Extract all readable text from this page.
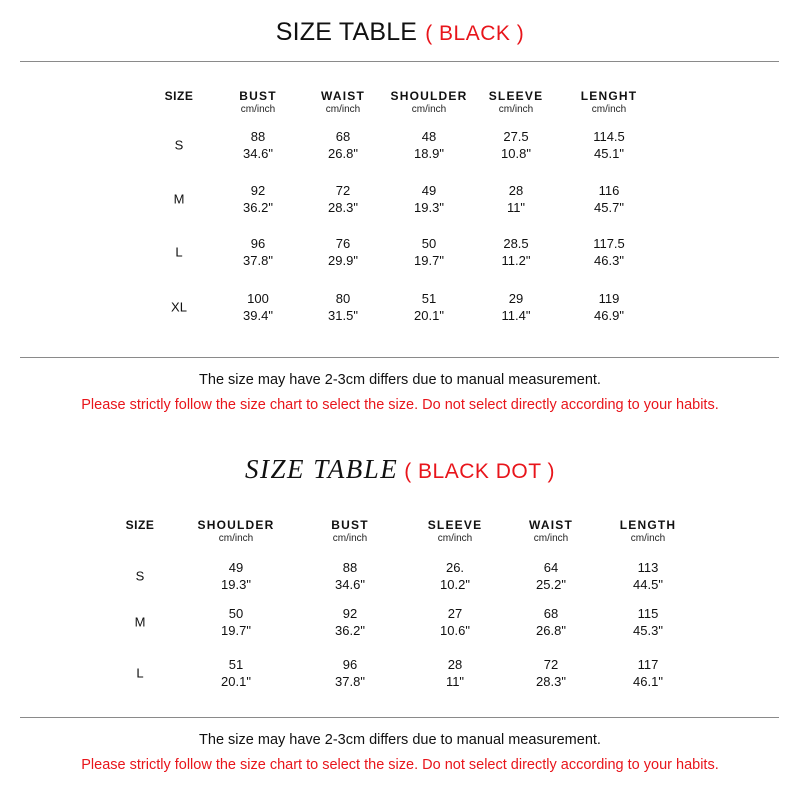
SIZE TABLE ( BLACK )
SIZE	BUST
cm/inch
WAIST
cm/inch
SHOULDER
cm/inch
SLEEVE
cm/inch
LENGHT
cm/inch
S
88
34.6"
68
26.8"
48
18.9"
27.5
10.8"
114.5
45.1"
M
92
36.2"
72
28.3"
49
19.3"
28
11"
116
45.7"
L
96
37.8"
76
29.9"
50
19.7"
28.5
11.2"
117.5
46.3"
XL
100
39.4"
80
31.5"
51
20.1"
29
11.4"
119
46.9"
The size may have 2-3cm differs due to manual measurement.
Please strictly follow the size chart to select the size. Do not select directly according to your habits.
SIZE TABLE ( BLACK DOT )
SIZE	SHOULDER
cm/inch
BUST
cm/inch
SLEEVE
cm/inch
WAIST
cm/inch
LENGTH
cm/inch
S
49
19.3"
88
34.6"
26.
10.2"
64
25.2"
113
44.5"
M
50
19.7"
92
36.2"
27
10.6"
68
26.8"
115
45.3"
L
51
20.1"
96
37.8"
28
11"
72
28.3"
117
46.1"
The size may have 2-3cm differs due to manual measurement.
Please strictly follow the size chart to select the size. Do not select directly according to your habits.
